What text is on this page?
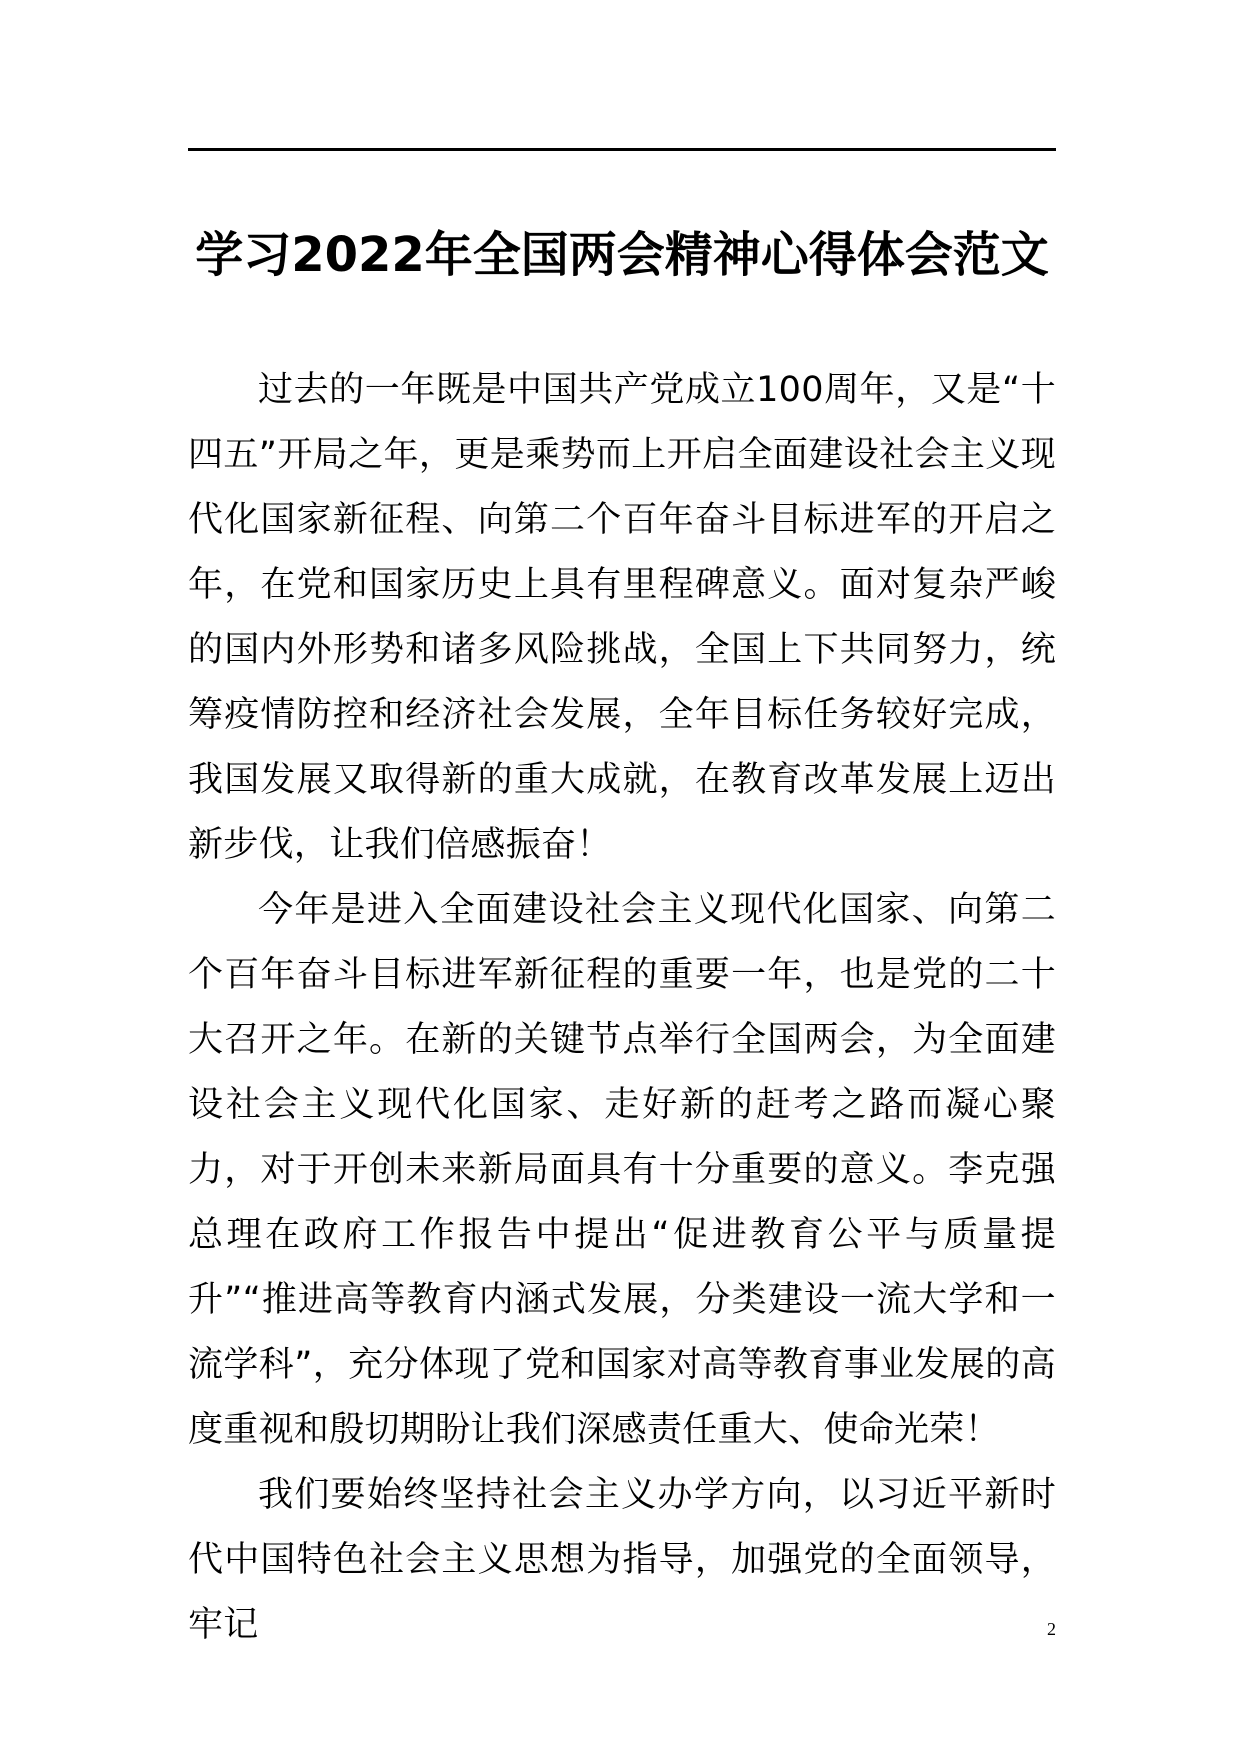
学习2022年全国两会精神心得体会范文

过去的一年既是中国共产党成立100周年，又是“十四五”开局之年，更是乘势而上开启全面建设社会主义现代化国家新征程、向第二个百年奋斗目标进军的开启之年，在党和国家历史上具有里程碑意义。面对复杂严峻的国内外形势和诸多风险挑战，全国上下共同努力，统筹疫情防控和经济社会发展，全年目标任务较好完成，我国发展又取得新的重大成就，在教育改革发展上迈出新步伐，让我们倍感振奋！

今年是进入全面建设社会主义现代化国家、向第二个百年奋斗目标进军新征程的重要一年，也是党的二十大召开之年。在新的关键节点举行全国两会，为全面建设社会主义现代化国家、走好新的赶考之路而凝心聚力，对于开创未来新局面具有十分重要的意义。李克强总理在政府工作报告中提出“促进教育公平与质量提升”“推进高等教育内涵式发展，分类建设一流大学和一流学科”，充分体现了党和国家对高等教育事业发展的高度重视和殷切期盼让我们深感责任重大、使命光荣！

我们要始终坚持社会主义办学方向，以习近平新时代中国特色社会主义思想为指导，加强党的全面领导，牢记	2
